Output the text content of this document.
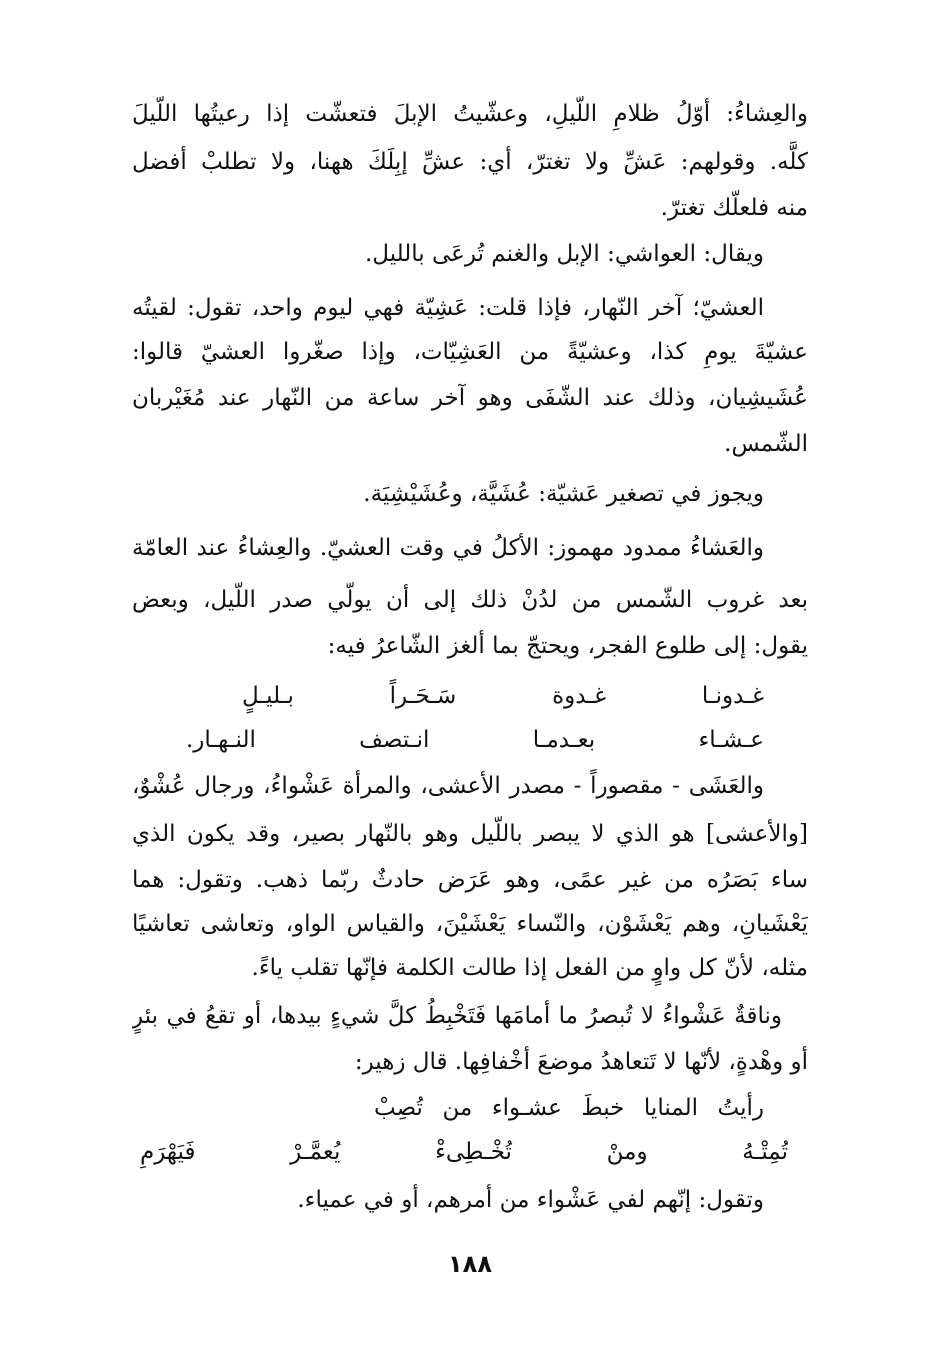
والعِشاءُ: أوّلُ ظلامِ اللّيلِ، وعشّيتُ الإبلَ فتعشّت إذا رعيتُها اللّيلَ
كلَّه. وقولهم: عَشِّ ولا تغترّ، أي: عشِّ إبِلَكَ ههنا، ولا تطلبْ أفضل
منه فلعلّك تغترّ.
ويقال: العواشي: الإبل والغنم تُرعَى بالليل.
العشيّ؛ آخر النّهار، فإذا قلت: عَشِيّة فهي ليوم واحد، تقول: لقيتُه
عشيّةَ يومِ كذا، وعشيّةً من العَشِيّات، وإذا صغّروا العشيّ قالوا:
عُشَيشِيان، وذلك عند الشّفَى وهو آخر ساعة من النّهار عند مُغَيْربان
الشّمس.
ويجوز في تصغير عَشيّة: عُشَيَّة، وعُشَيْشِيَة.
والعَشاءُ ممدود مهموز: الأكلُ في وقت العشيّ. والعِشاءُ عند العامّة
بعد غروب الشّمس من لدُنْ ذلك إلى أن يولّي صدر اللّيل، وبعض
يقول: إلى طلوع الفجر، ويحتجّ بما ألغز الشّاعرُ فيه:
غـدونـا غـدوة سَـحَـراً بـليـلٍ
عـشـاء بعـدمـا انـتصف النـهـار.
والعَشَى - مقصوراً - مصدر الأعشى، والمرأة عَشْواءُ، ورجال عُشْوٌ،
[والأعشى] هو الذي لا يبصر باللّيل وهو بالنّهار بصير، وقد يكون الذي
ساء بَصَرُه من غير عمًى، وهو عَرَض حادثٌ ربّما ذهب. وتقول: هما
يَعْشَيانِ، وهم يَعْشَوْن، والنّساء يَعْشَيْنَ، والقياس الواو، وتعاشى تعاشيًا
مثله، لأنّ كل واوٍ من الفعل إذا طالت الكلمة فإنّها تقلب ياءً.
وناقةٌ عَشْواءُ لا تُبصرُ ما أمامَها فَتَخْبِطُ كلَّ شيءٍ بيدها، أو تقعُ في بئرٍ
أو وهْدةٍ، لأنّها لا تَتعاهدُ موضعَ أخْفافِها. قال زهير:
رأيتُ المنايا خبطَ عشـواء من تُصِبْ
تُمِتْـهُ ومنْ تُخْـطِىءْ يُعمَّـرْ فَيَهْرَمِ
وتقول: إنّهم لفي عَشْواء من أمرهم، أو في عمياء.
١٨٨
